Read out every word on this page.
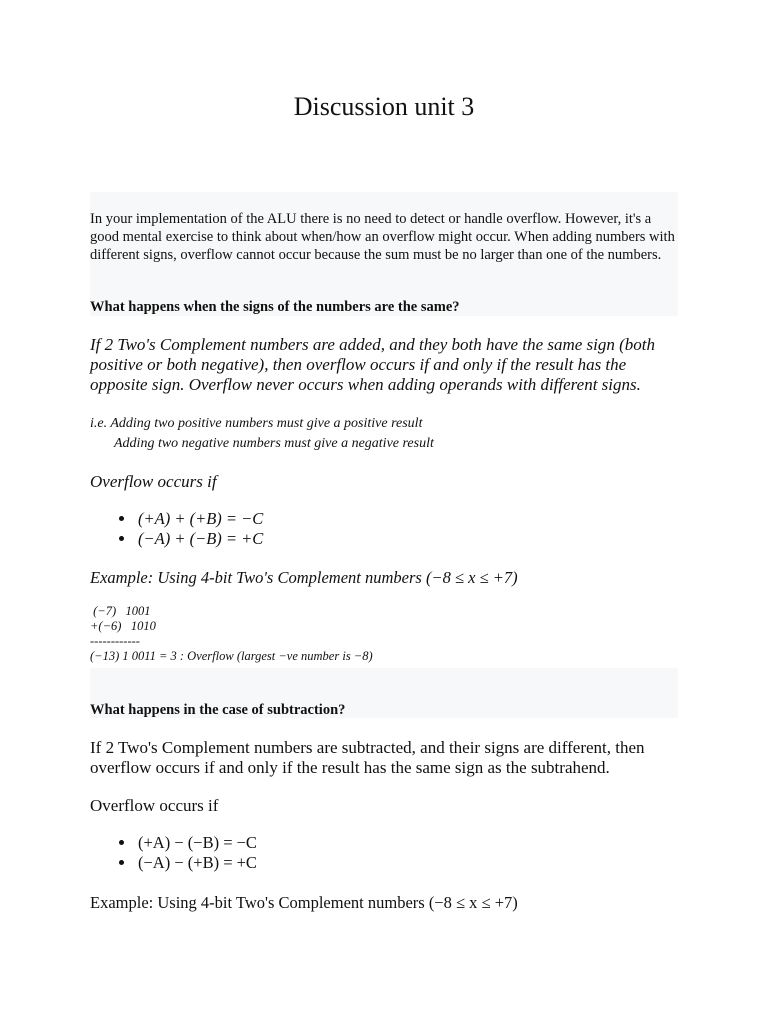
Discussion unit 3
In your implementation of the ALU there is no need to detect or handle overflow. However, it's a good mental exercise to think about when/how an overflow might occur. When adding numbers with different signs, overflow cannot occur because the sum must be no larger than one of the numbers.
What happens when the signs of the numbers are the same?
If 2 Two's Complement numbers are added, and they both have the same sign (both positive or both negative), then overflow occurs if and only if the result has the opposite sign. Overflow never occurs when adding operands with different signs.
i.e. Adding two positive numbers must give a positive result
Adding two negative numbers must give a negative result
Overflow occurs if
• (+A) + (+B) = −C
• (−A) + (−B) = +C
Example: Using 4-bit Two's Complement numbers (−8 ≤ x ≤ +7)
(−7)   1001
+(−6)   1010
------------
(−13) 1 0011 = 3 : Overflow (largest −ve number is −8)
What happens in the case of subtraction?
If 2 Two's Complement numbers are subtracted, and their signs are different, then overflow occurs if and only if the result has the same sign as the subtrahend.
Overflow occurs if
• (+A) − (−B) = −C
• (−A) − (+B) = +C
Example: Using 4-bit Two's Complement numbers (−8 ≤ x ≤ +7)
